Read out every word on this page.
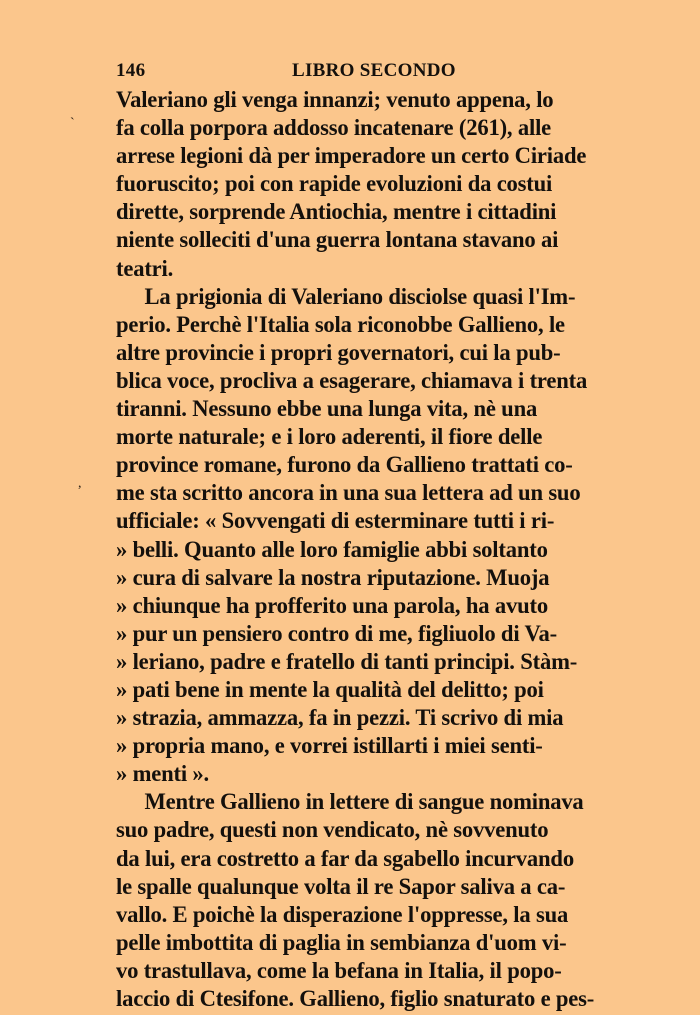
146	LIBRO SECONDO
Valeriano gli venga innanzi; venuto appena, lo
fa colla porpora addosso incatenare (261), alle
arrese legioni dà per imperadore un certo Ciriade
fuoruscito; poi con rapide evoluzioni da costui
dirette, sorprende Antiochia, mentre i cittadini
niente solleciti d'una guerra lontana stavano ai
teatri.
La prigionia di Valeriano disciolse quasi l'Im-
perio. Perchè l'Italia sola riconobbe Gallieno, le
altre provincie i propri governatori, cui la pub-
blica voce, procliva a esagerare, chiamava i trenta
tiranni. Nessuno ebbe una lunga vita, nè una
morte naturale; e i loro aderenti, il fiore delle
province romane, furono da Gallieno trattati co-
me sta scritto ancora in una sua lettera ad un suo
ufficiale: « Sovvengati di esterminare tutti i ri-
» belli. Quanto alle loro famiglie abbi soltanto
» cura di salvare la nostra riputazione. Muoja
» chiunque ha profferito una parola, ha avuto
» pur un pensiero contro di me, figliuolo di Va-
» leriano, padre e fratello di tanti principi. Stàm-
» pati bene in mente la qualità del delitto; poi
» strazia, ammazza, fa in pezzi. Ti scrivo di mia
» propria mano, e vorrei istillarti i miei senti-
» menti ».
Mentre Gallieno in lettere di sangue nominava
suo padre, questi non vendicato, nè sovvenuto
da lui, era costretto a far da sgabello incurvando
le spalle qualunque volta il re Sapor saliva a ca-
vallo. E poichè la disperazione l'oppresse, la sua
pelle imbottita di paglia in sembianza d'uom vi-
vo trastullava, come la befana in Italia, il popo-
laccio di Ctesifone. Gallieno, figlio snaturato e pes-
`
,
